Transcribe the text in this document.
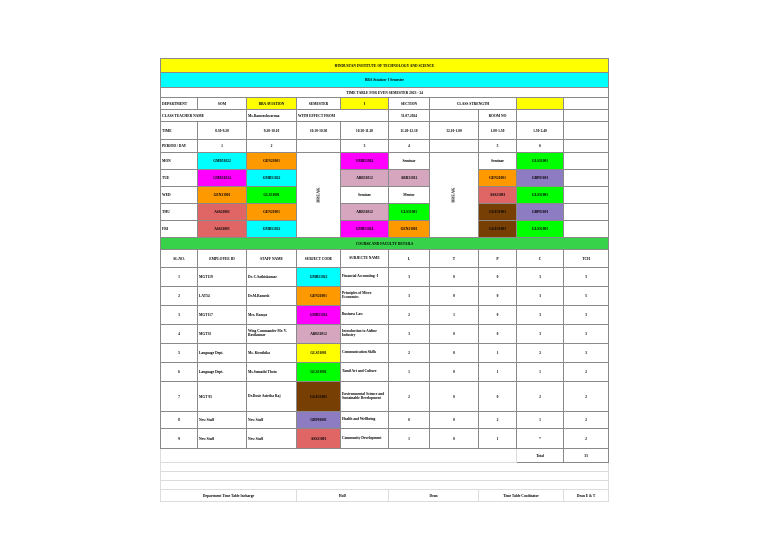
HINDUSTAN INSTITUTE OF TECHNOLOGY AND SCIENCE									
BBA Aviation- I Semester									
TIME TABLE FOR EVEN SEMESTER 2023 - 24									
DEPARTMENT	SOM	BBA AVIATION	SEMESTER	I	SECTION	CLASS STRENGTH			
CLASS TEACHER NAME		Ms.Rameashwarnaa	WITH EFFECT FROM		31.07.2024		ROOM NO		
TIME	8.30-9.20	9.20-10.10	10.10-10.30	10.30-11.20	11.20-12.10	12.10-1.00	1.00-1.50	1.50-2.40	
PERIOD / DAY	1	2		3	4		5	6	
MON	GMB51022	GEN21001	BREAK	GMB51024	Seminar	BREAK	Seminar	GLS51001	
TUE	GMB51024	GMB51022		ABR31012	ABR31012		GEN21001	GBP01001	
WED	GEN21001	GLS51001		Seminar	Mentor		ASS21001	GLS51001	
THU	ASS21001	GEN21001		ABR31012	GLS51001		GGE51003	GBP01001	
FRI	ASS21001	GMB51022		GMB51024	GEN21001		GGE51003	GLS51001	
COURSE AND FACULTY DETAILS									
SL.NO.	EMPLOYEE ID	STAFF NAME	SUBJECT CODE	SUBJECTE NAME	L	T	P	C	TCH
1	MGT119	Dr. C.Sathiskumar	GMB51022	Financial Accounting -I	3	0	0	3	3
2	LAT54	Dr.M.Ramesh	GEN21001	Principles of Micro Economics	3	0	0	3	5
3	MGT117	Mrs. Ramya	GMB51024	Business Law	2	1	0	3	3
4	MGT35	Wing Commander Mr. V. Ravikumar	ABR31012	Introduction to Airline Industry	3	0	0	3	3
5	Language Dept.	Ms. Kiruthika	GLS51001	Communication Skills	2	0	1	2	3
6	Language Dept.	Ms.Sumathi Thota	GLS51001	Tamil Art and Culture	1	0	1	1	2
7	MGT 95	Dr.Dosie Anirtha Raj	GGE51003	Environmental Science and Sustainable Development	2	0	0	2	2
8	New Staff	New Staff	GBP01001	Health and Wellbeing	0	0	2	1	2
9	New Staff	New Staff	ASS21001	Community Development	1	0	1	*	2
								Total	33

Department Time Table Incharge			HoD		Dean		Time Table Coodinator		Dean E & T
